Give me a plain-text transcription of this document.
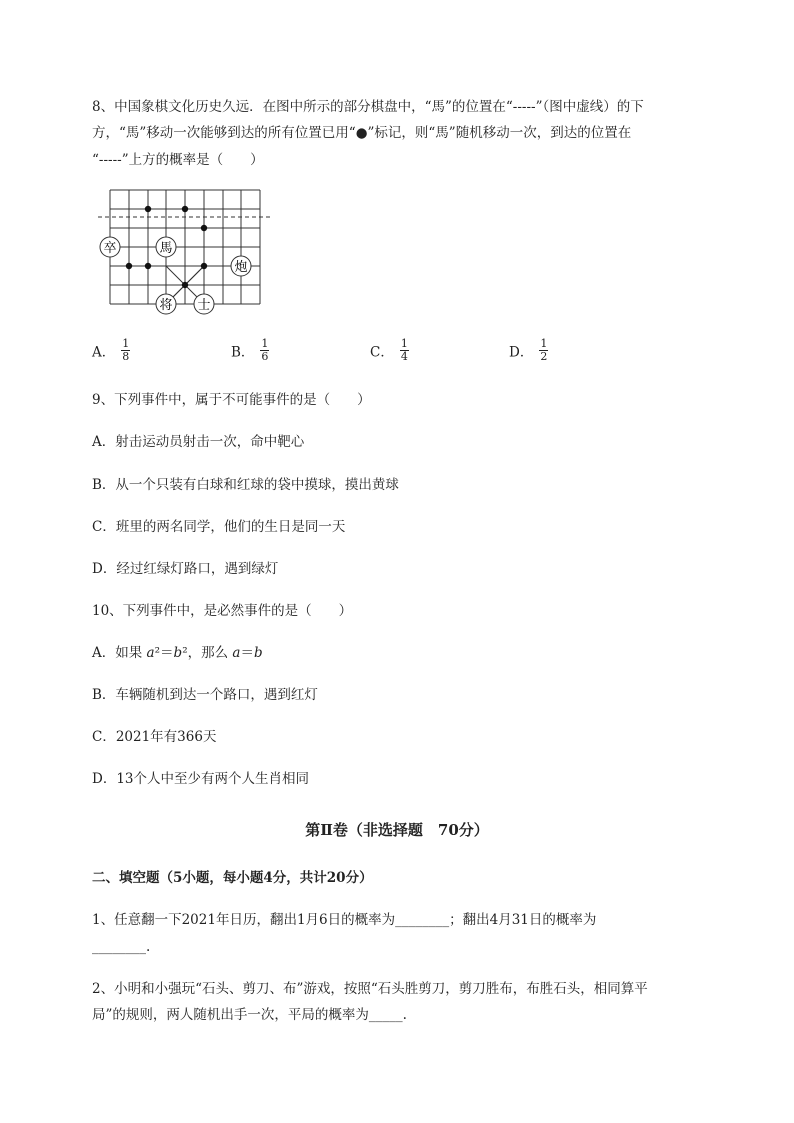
8、中国象棋文化历史久远．在图中所示的部分棋盘中，“馬”的位置在“-----”（图中虚线）的下
方，“馬”移动一次能够到达的所有位置已用“●”标记，则“馬”随机移动一次，到达的位置在
“-----”上方的概率是（　　）
卒	馬
炮
将 士
A． $\frac{1}{8}$	B． $\frac{1}{6}$	C． $\frac{1}{4}$	D． $\frac{1}{2}$
9、下列事件中，属于不可能事件的是（　　）
A．射击运动员射击一次，命中靶心
B．从一个只装有白球和红球的袋中摸球，摸出黄球
C．班里的两名同学，他们的生日是同一天
D．经过红绿灯路口，遇到绿灯
10、下列事件中，是必然事件的是（　　）
A．如果 a²＝b²，那么 a＝b
B．车辆随机到达一个路口，遇到红灯
C．2021年有366天
D．13个人中至少有两个人生肖相同
第Ⅱ卷（非选择题　70分）
二、填空题（5小题，每小题4分，共计20分）
1、任意翻一下2021年日历，翻出1月6日的概率为________；翻出4月31日的概率为
________.
2、小明和小强玩“石头、剪刀、布”游戏，按照“石头胜剪刀，剪刀胜布，布胜石头，相同算平
局”的规则，两人随机出手一次，平局的概率为_____.
